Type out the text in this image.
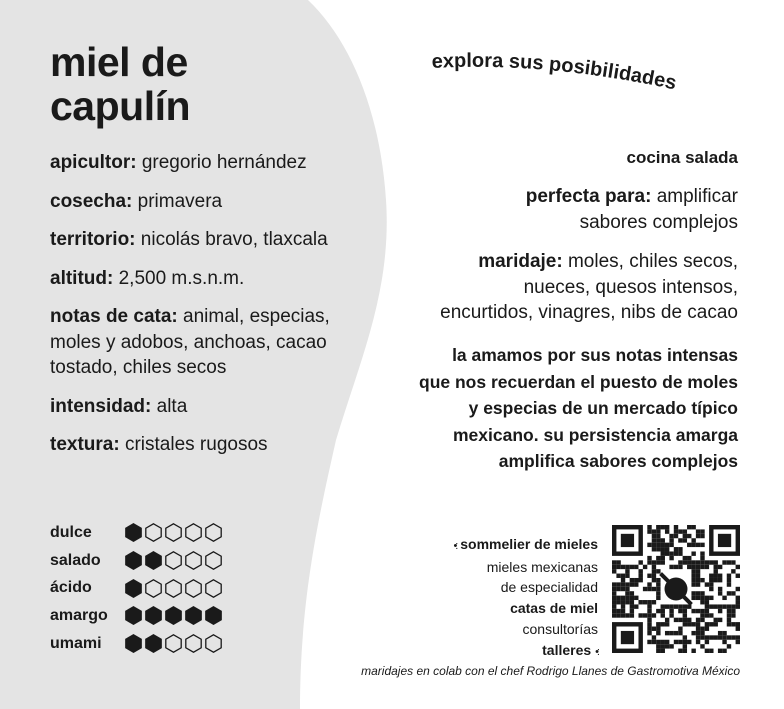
miel de
capulín
apicultor: gregorio hernández
cosecha: primavera
territorio: nicolás bravo, tlaxcala
altitud: 2,500 m.s.n.m.
notas de cata: animal, especias, moles y adobos, anchoas, cacao tostado, chiles secos
intensidad: alta
textura: cristales rugosos
dulce
salado
ácido
amargo
umami
explora sus posibilidades
cocina salada
perfecta para: amplificar
sabores complejos
maridaje: moles, chiles secos,
nueces, quesos intensos,
encurtidos, vinagres, nibs de cacao
la amamos por sus notas intensas
que nos recuerdan el puesto de moles
y especias de un mercado típico
mexicano. su persistencia amarga
amplifica sabores complejos
•: sommelier de mieles
mieles mexicanas
de especialidad
catas de miel
consultorías
talleres •:
maridajes en colab con el chef Rodrigo Llanes de Gastromotiva México
